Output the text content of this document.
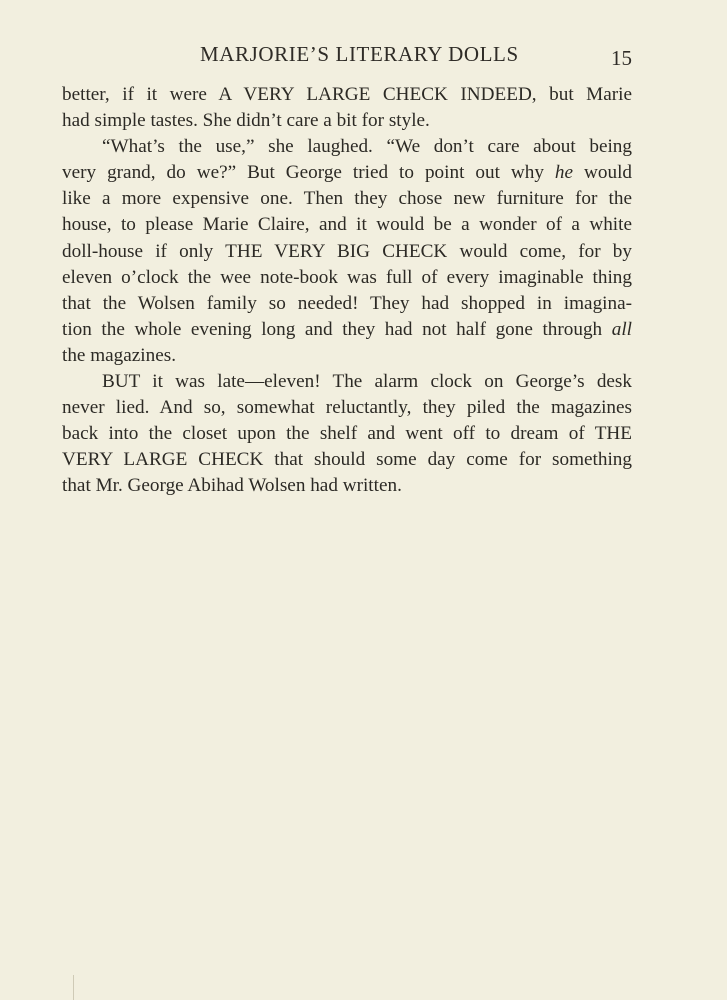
MARJORIE’S LITERARY DOLLS	15
better, if it were A VERY LARGE CHECK INDEED, but Marie
had simple tastes. She didn’t care a bit for style.
“What’s the use,” she laughed. “We don’t care about being
very grand, do we?” But George tried to point out why he would
like a more expensive one. Then they chose new furniture for the
house, to please Marie Claire, and it would be a wonder of a white
doll-house if only THE VERY BIG CHECK would come, for by
eleven o’clock the wee note-book was full of every imaginable thing
that the Wolsen family so needed! They had shopped in imagina-
tion the whole evening long and they had not half gone through all
the magazines.
BUT it was late—eleven! The alarm clock on George’s desk
never lied. And so, somewhat reluctantly, they piled the magazines
back into the closet upon the shelf and went off to dream of THE
VERY LARGE CHECK that should some day come for something
that Mr. George Abihad Wolsen had written.
